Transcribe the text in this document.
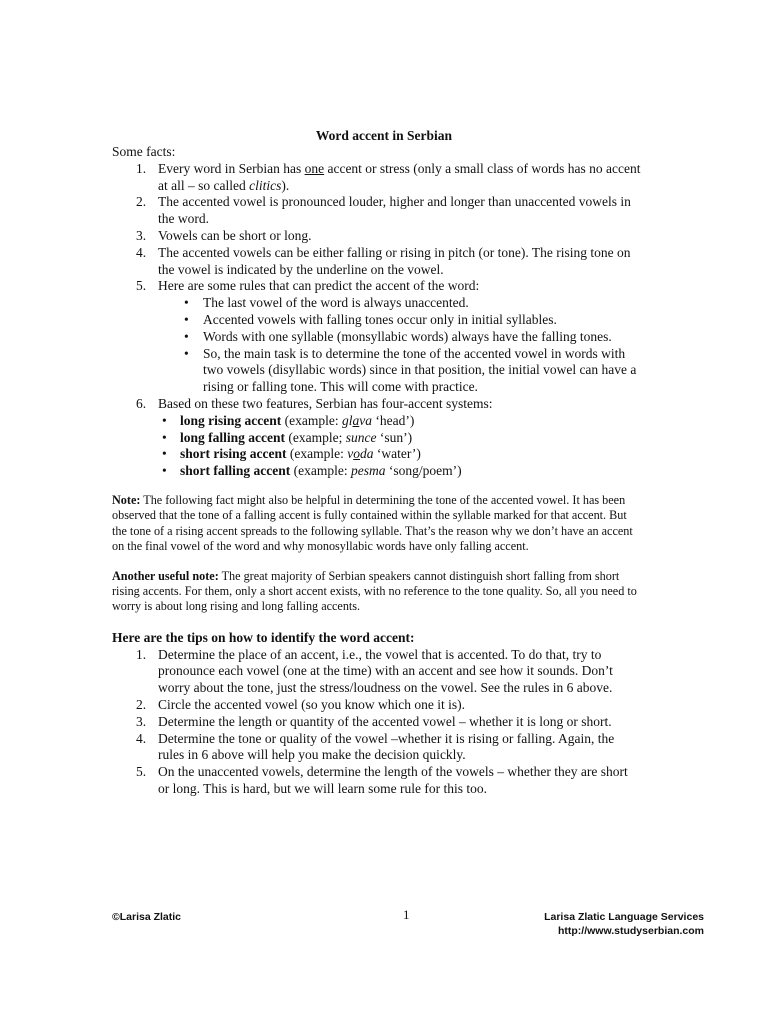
Word accent in Serbian
Some facts:
1. Every word in Serbian has one accent or stress (only a small class of words has no accent at all – so called clitics).
2. The accented vowel is pronounced louder, higher and longer than unaccented vowels in the word.
3. Vowels can be short or long.
4. The accented vowels can be either falling or rising in pitch (or tone). The rising tone on the vowel is indicated by the underline on the vowel.
5. Here are some rules that can predict the accent of the word:
• The last vowel of the word is always unaccented.
• Accented vowels with falling tones occur only in initial syllables.
• Words with one syllable (monsyllabic words) always have the falling tones.
• So, the main task is to determine the tone of the accented vowel in words with two vowels (disyllabic words) since in that position, the initial vowel can have a rising or falling tone. This will come with practice.
6. Based on these two features, Serbian has four-accent systems:
• long rising accent (example: glava ‘head’)
• long falling accent (example; sunce ‘sun’)
• short rising accent (example: voda ‘water’)
• short falling accent (example: pesma ‘song/poem’)
Note: The following fact might also be helpful in determining the tone of the accented vowel. It has been observed that the tone of a falling accent is fully contained within the syllable marked for that accent. But the tone of a rising accent spreads to the following syllable. That’s the reason why we don’t have an accent on the final vowel of the word and why monosyllabic words have only falling accent.
Another useful note: The great majority of Serbian speakers cannot distinguish short falling from short rising accents. For them, only a short accent exists, with no reference to the tone quality. So, all you need to worry is about long rising and long falling accents.
Here are the tips on how to identify the word accent:
1. Determine the place of an accent, i.e., the vowel that is accented. To do that, try to pronounce each vowel (one at the time) with an accent and see how it sounds. Don’t worry about the tone, just the stress/loudness on the vowel. See the rules in 6 above.
2. Circle the accented vowel (so you know which one it is).
3. Determine the length or quantity of the accented vowel – whether it is long or short.
4. Determine the tone or quality of the vowel –whether it is rising or falling. Again, the rules in 6 above will help you make the decision quickly.
5. On the unaccented vowels, determine the length of the vowels – whether they are short or long. This is hard, but we will learn some rule for this too.
©Larisa Zlatic	1	Larisa Zlatic Language Services
http://www.studyserbian.com
